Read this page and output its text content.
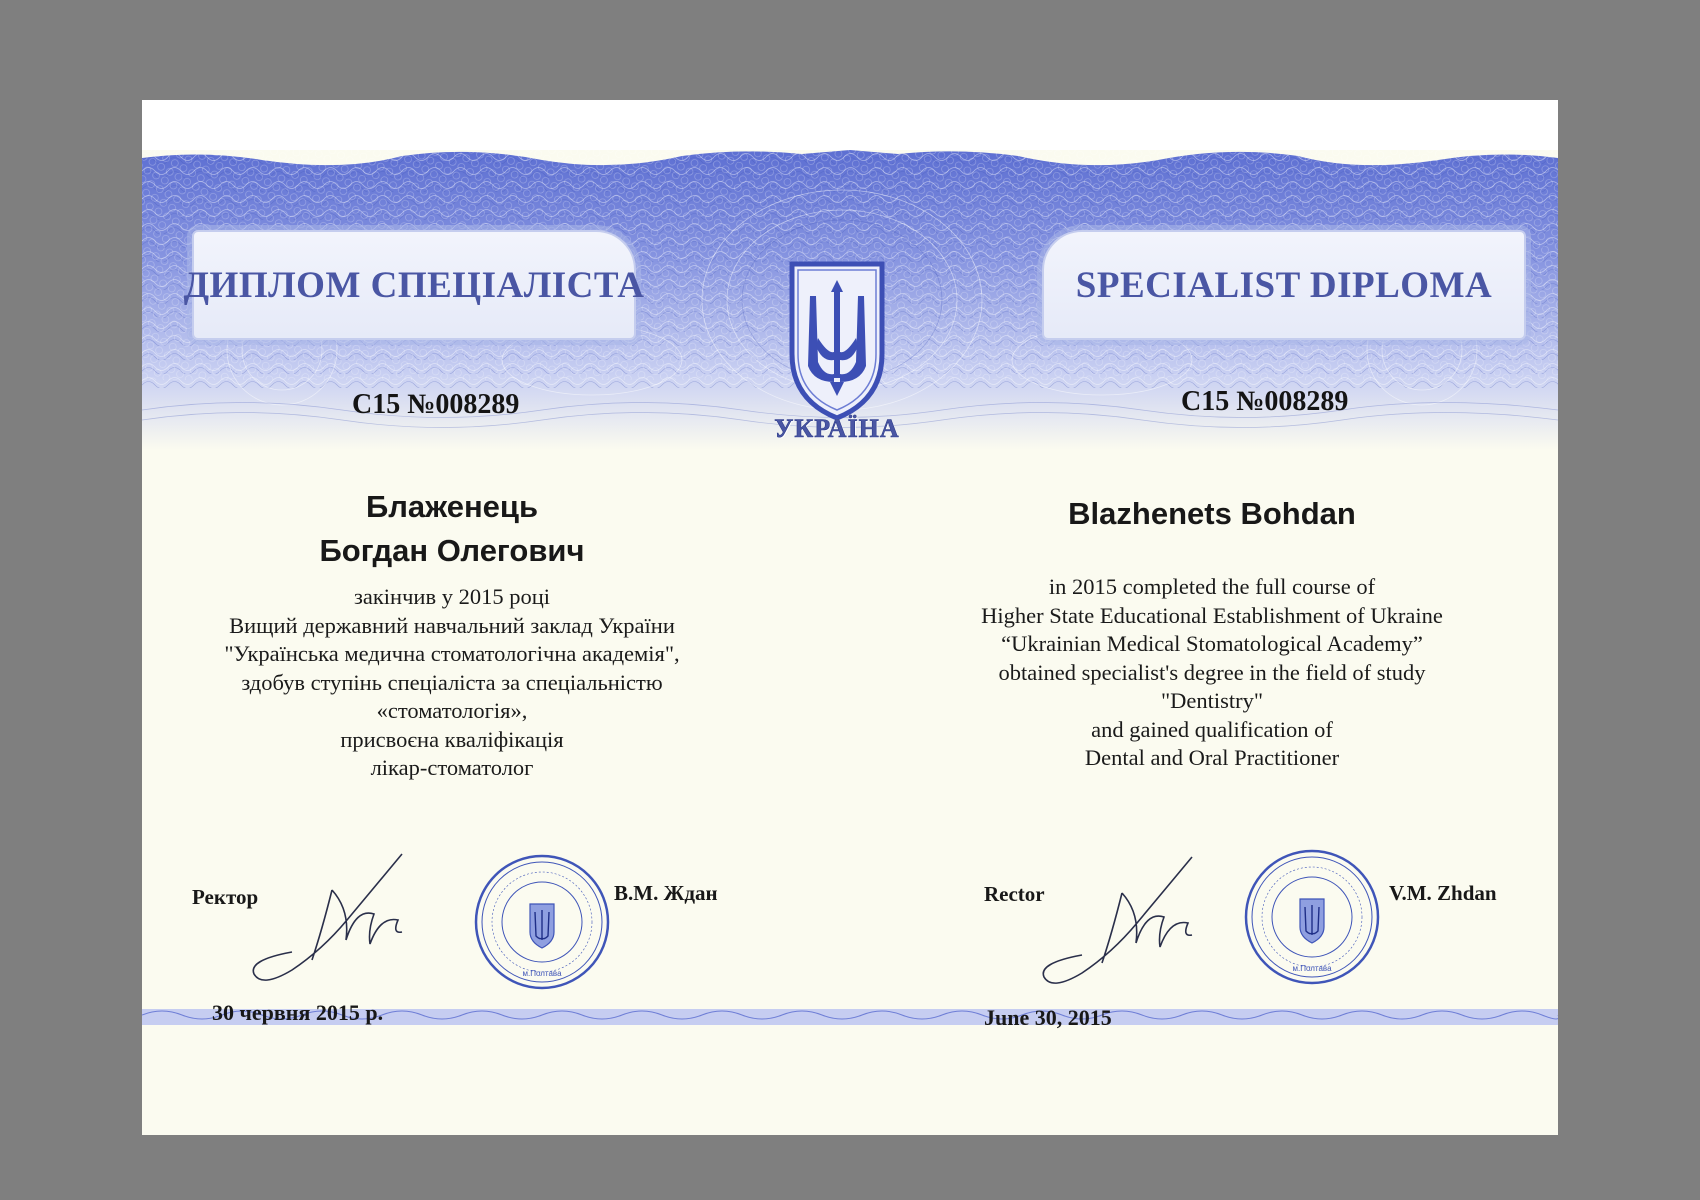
ДИПЛОМ СПЕЦІАЛІСТА	SPECIALIST DIPLOMA
УКРАЇНА
C15 №008289	C15 №008289
Блаженець
Богдан Олегович
закінчив у 2015 році
Вищий державний навчальний заклад України
"Українська медична стоматологічна академія",
здобув ступінь спеціаліста за спеціальністю
«стоматологія»,
присвоєна кваліфікація
лікар-стоматолог
Blazhenets Bohdan
in 2015 completed the full course of
Higher State Educational Establishment of Ukraine
“Ukrainian Medical Stomatological Academy”
obtained specialist's degree in the field of study
"Dentistry"
and gained qualification of
Dental and Oral Practitioner
Ректор	В.М. Ждан
м.Полтава
30 червня 2015 р.
Rector	V.M. Zhdan
м.Полтава
June 30, 2015
